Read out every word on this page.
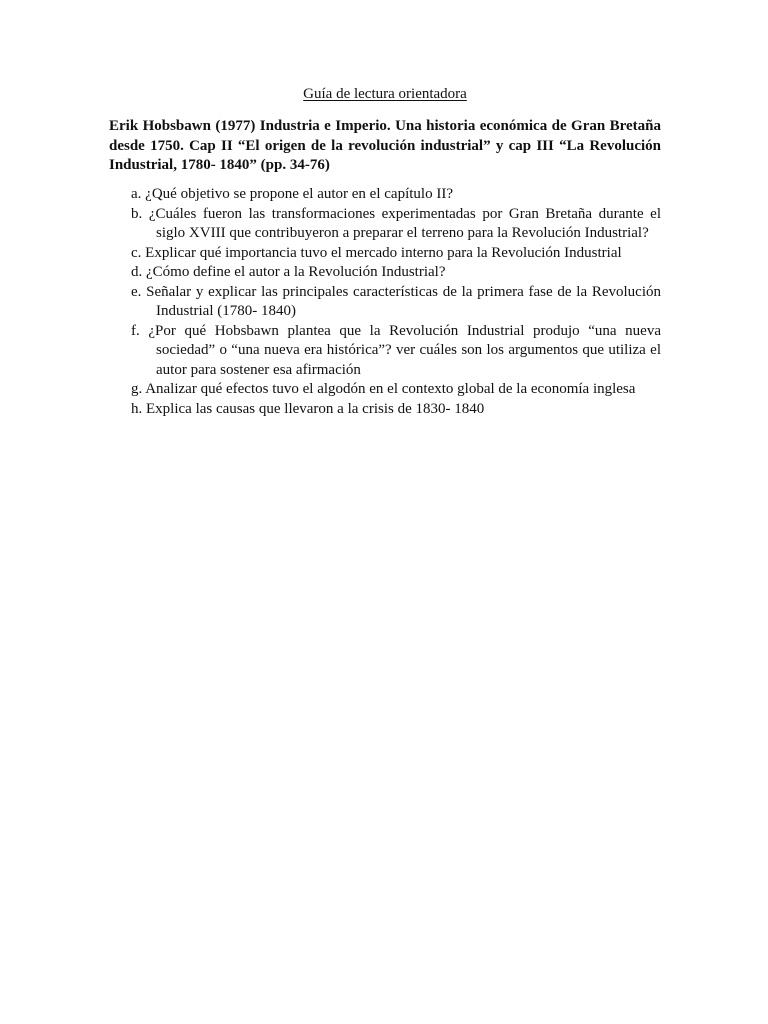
Guía de lectura orientadora

Erik Hobsbawn (1977) Industria e Imperio. Una historia económica de Gran Bretaña desde 1750. Cap II “El origen de la revolución industrial” y cap III “La Revolución Industrial, 1780- 1840” (pp. 34-76)

a. ¿Qué objetivo se propone el autor en el capítulo II?
b. ¿Cuáles fueron las transformaciones experimentadas por Gran Bretaña durante el siglo XVIII que contribuyeron a preparar el terreno para la Revolución Industrial?
c. Explicar qué importancia tuvo el mercado interno para la Revolución Industrial
d. ¿Cómo define el autor a la Revolución Industrial?
e. Señalar y explicar las principales características de la primera fase de la Revolución Industrial (1780- 1840)
f. ¿Por qué Hobsbawn plantea que la Revolución Industrial produjo “una nueva sociedad” o “una nueva era histórica”? ver cuáles son los argumentos que utiliza el autor para sostener esa afirmación
g. Analizar qué efectos tuvo el algodón en el contexto global de la economía inglesa
h. Explica las causas que llevaron a la crisis de 1830- 1840
